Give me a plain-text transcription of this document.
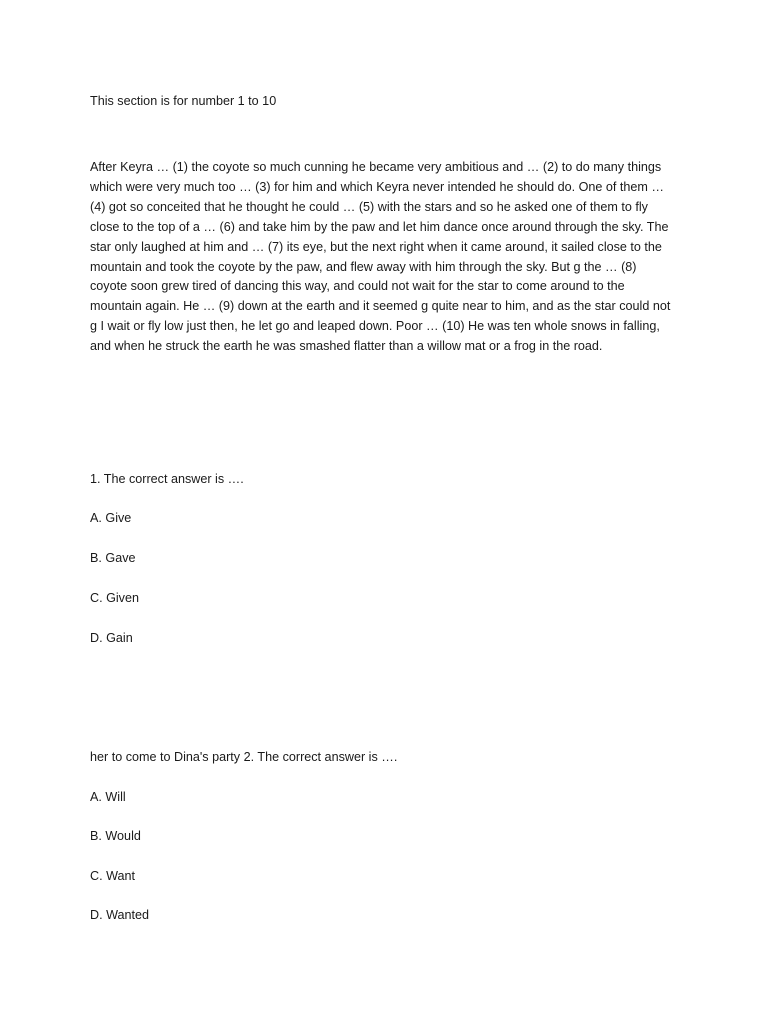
This section is for number 1 to 10

After Keyra … (1) the coyote so much cunning he became very ambitious and … (2) to do many things

which were very much too … (3) for him and which Keyra never intended he should do. One of them …

(4) got so conceited that he thought he could … (5) with the stars and so he asked one of them to fly

close to the top of a … (6) and take him by the paw and let him dance once around through the sky. The

star only laughed at him and … (7) its eye, but the next right when it came around, it sailed close to the

mountain and took the coyote by the paw, and flew away with him through the sky. But g the … (8)

coyote soon grew tired of dancing this way, and could not wait for the star to come around to the

mountain again. He … (9) down at the earth and it seemed g quite near to him, and as the star could not

g I wait or fly low just then, he let go and leaped down. Poor … (10) He was ten whole snows in falling,

and when he struck the earth he was smashed flatter than a willow mat or a frog in the road.

1. The correct answer is ….

A. Give

B. Gave

C. Given

D. Gain

her to come to Dina's party 2. The correct answer is ….

A. Will

B. Would

C. Want

D. Wanted
